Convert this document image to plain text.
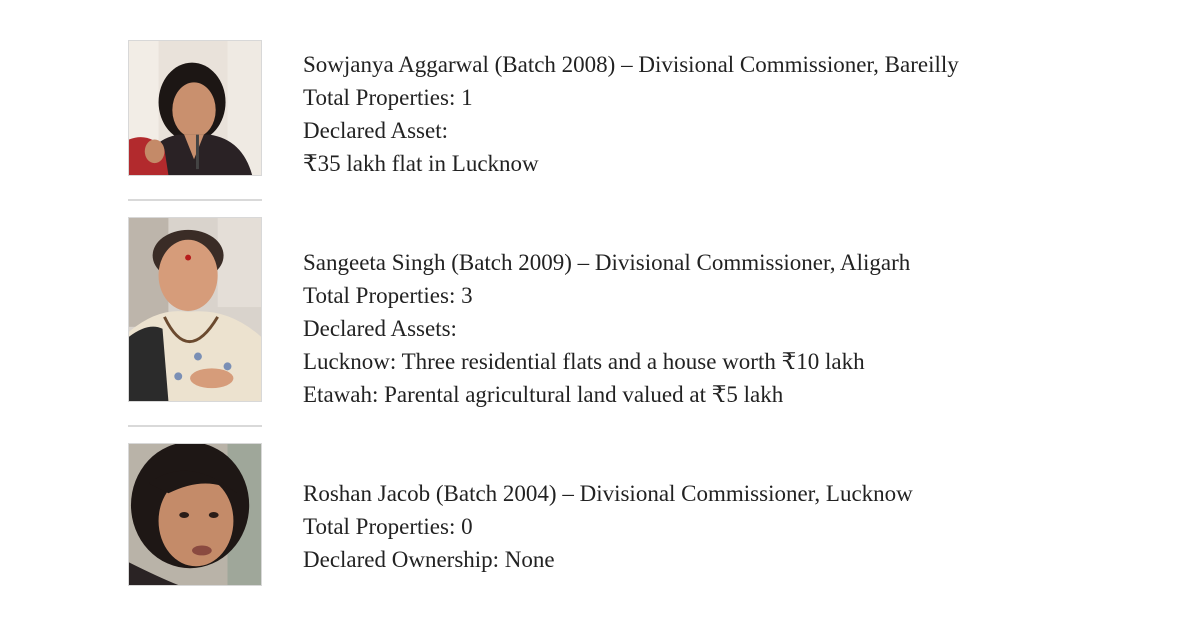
Sowjanya Aggarwal (Batch 2008) – Divisional Commissioner, Bareilly
Total Properties: 1
Declared Asset:
₹35 lakh flat in Lucknow
Sangeeta Singh (Batch 2009) – Divisional Commissioner, Aligarh
Total Properties: 3
Declared Assets:
Lucknow: Three residential flats and a house worth ₹10 lakh
Etawah: Parental agricultural land valued at ₹5 lakh
Roshan Jacob (Batch 2004) – Divisional Commissioner, Lucknow
Total Properties: 0
Declared Ownership: None
